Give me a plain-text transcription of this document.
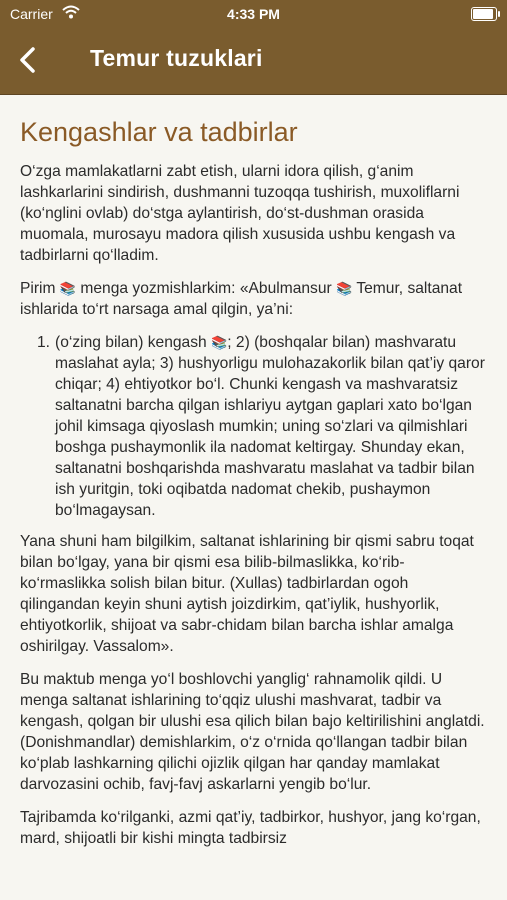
Carrier	4:33 PM
Temur tuzuklari
Kengashlar va tadbirlar

O‘zga mamlakatlarni zabt etish, ularni idora qilish, g‘anim lashkarlarini sindirish, dushmanni tuzoqqa tushirish, muxoliflarni (ko‘nglini ovlab) do‘stga aylantirish, do‘st-dushman orasida muomala, murosayu madora qilish xususida ushbu kengash va tadbirlarni qo‘lladim.

Pirim 📚 menga yozmishlarkim: «Abulmansur 📚 Temur, saltanat ishlarida to‘rt narsaga amal qilgin, ya’ni:

1. (o‘zing bilan) kengash 📚; 2) (boshqalar bilan) mashvaratu maslahat ayla; 3) hushyorligu mulohazakorlik bilan qat’iy qaror chiqar; 4) ehtiyotkor bo‘l. Chunki kengash va mashvaratsiz saltanatni barcha qilgan ishlariyu aytgan gaplari xato bo‘lgan johil kimsaga qiyoslash mumkin; uning so‘zlari va qilmishlari boshga pushaymonlik ila nadomat keltirgay. Shunday ekan, saltanatni boshqarishda mashvaratu maslahat va tadbir bilan ish yuritgin, toki oqibatda nadomat chekib, pushaymon bo‘lmagaysan.

Yana shuni ham bilgilkim, saltanat ishlarining bir qismi sabru toqat bilan bo‘lgay, yana bir qismi esa bilib-bilmaslikka, ko‘rib-ko‘rmaslikka solish bilan bitur. (Xullas) tadbirlardan ogoh qilingandan keyin shuni aytish joizdirkim, qat’iylik, hushyorlik, ehtiyotkorlik, shijoat va sabr-chidam bilan barcha ishlar amalga oshirilgay. Vassalom».

Bu maktub menga yo‘l boshlovchi yanglig‘ rahnamolik qildi. U menga saltanat ishlarining to‘qqiz ulushi mashvarat, tadbir va kengash, qolgan bir ulushi esa qilich bilan bajo keltirilishini anglatdi. (Donishmandlar) demishlarkim, o‘z o‘rnida qo‘llangan tadbir bilan ko‘plab lashkarning qilichi ojizlik qilgan har qanday mamlakat darvozasini ochib, favj-favj askarlarni yengib bo‘lur.

Tajribamda ko‘rilganki, azmi qat’iy, tadbirkor, hushyor, jang ko‘rgan, mard, shijoatli bir kishi mingta tadbirsiz
